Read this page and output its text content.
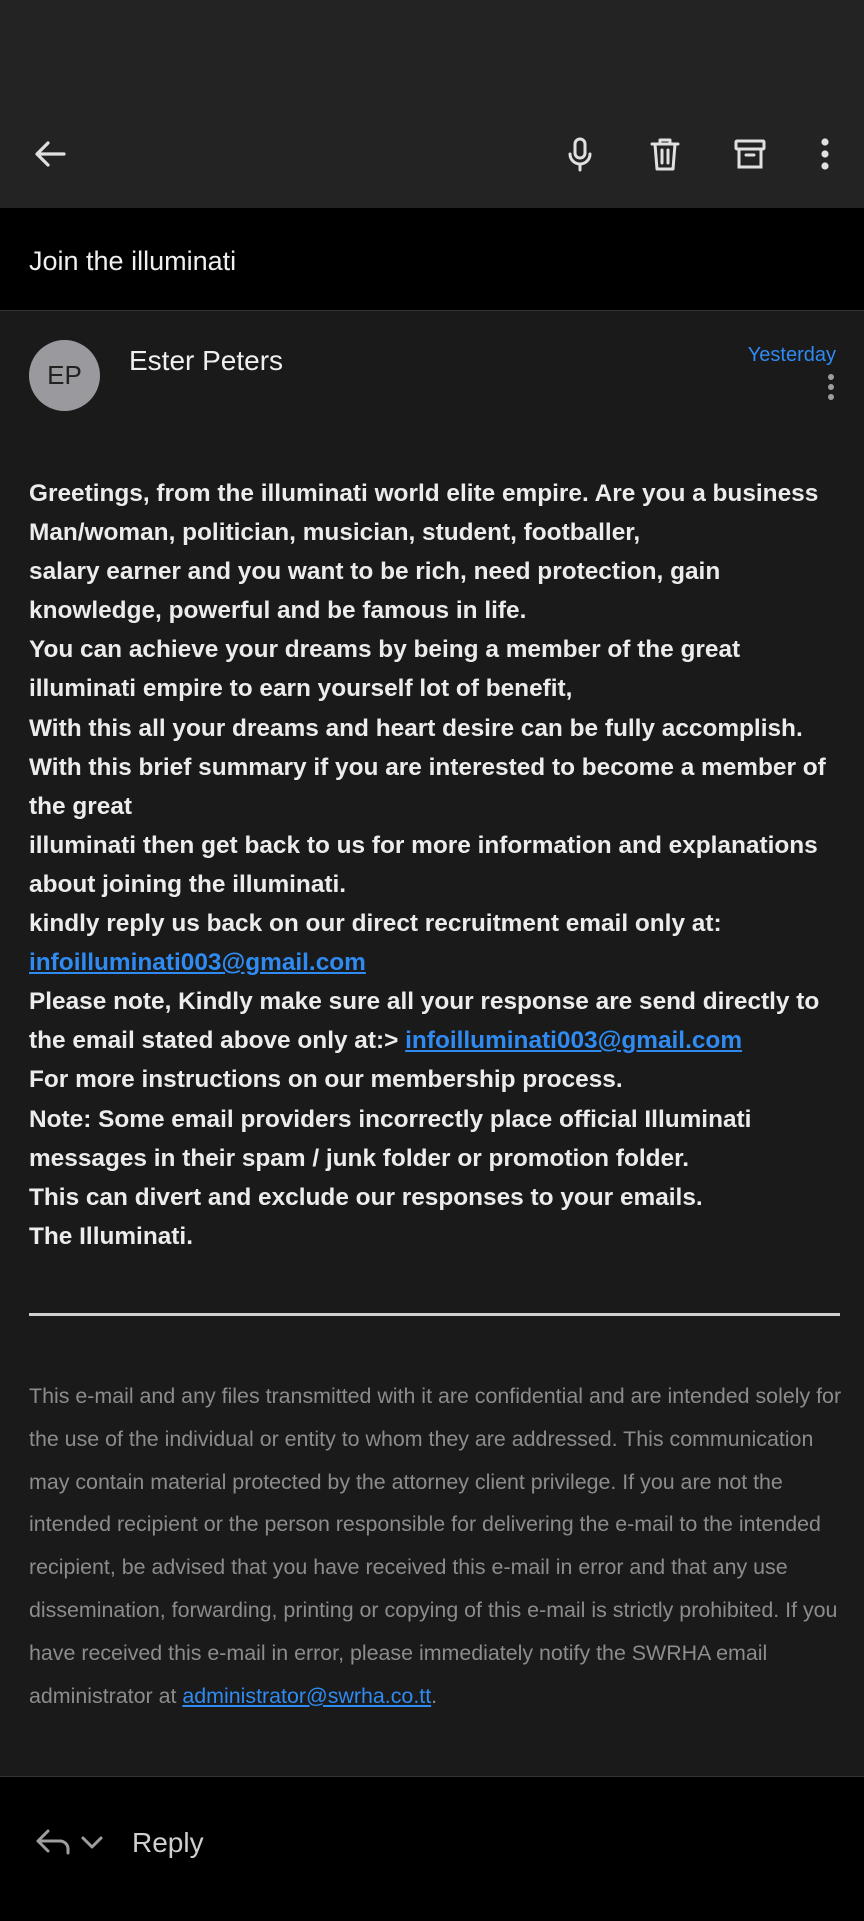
Join the illuminati
EP	Ester Peters	Yesterday

Greetings, from the illuminati world elite empire. Are you a business Man/woman, politician, musician, student, footballer,

salary earner and you want to be rich, need protection, gain knowledge, powerful and be famous in life.

You can achieve your dreams by being a member of the great illuminati empire to earn yourself lot of benefit,

With this all your dreams and heart desire can be fully accomplish.

With this brief summary if you are interested to become a member of the great

illuminati then get back to us for more information and explanations about joining the illuminati.

kindly reply us back on our direct recruitment email only at:

infoilluminati003@gmail.com

Please note, Kindly make sure all your response are send directly to the email stated above only at:> infoilluminati003@gmail.com

For more instructions on our membership process.

Note: Some email providers incorrectly place official Illuminati messages in their spam / junk folder or promotion folder.

This can divert and exclude our responses to your emails.

The Illuminati.

This e-mail and any files transmitted with it are confidential and are intended solely for the use of the individual or entity to whom they are addressed. This communication may contain material protected by the attorney client privilege. If you are not the intended recipient or the person responsible for delivering the e-mail to the intended recipient, be advised that you have received this e-mail in error and that any use dissemination, forwarding, printing or copying of this e-mail is strictly prohibited. If you have received this e-mail in error, please immediately notify the SWRHA email administrator at administrator@swrha.co.tt.
Reply
